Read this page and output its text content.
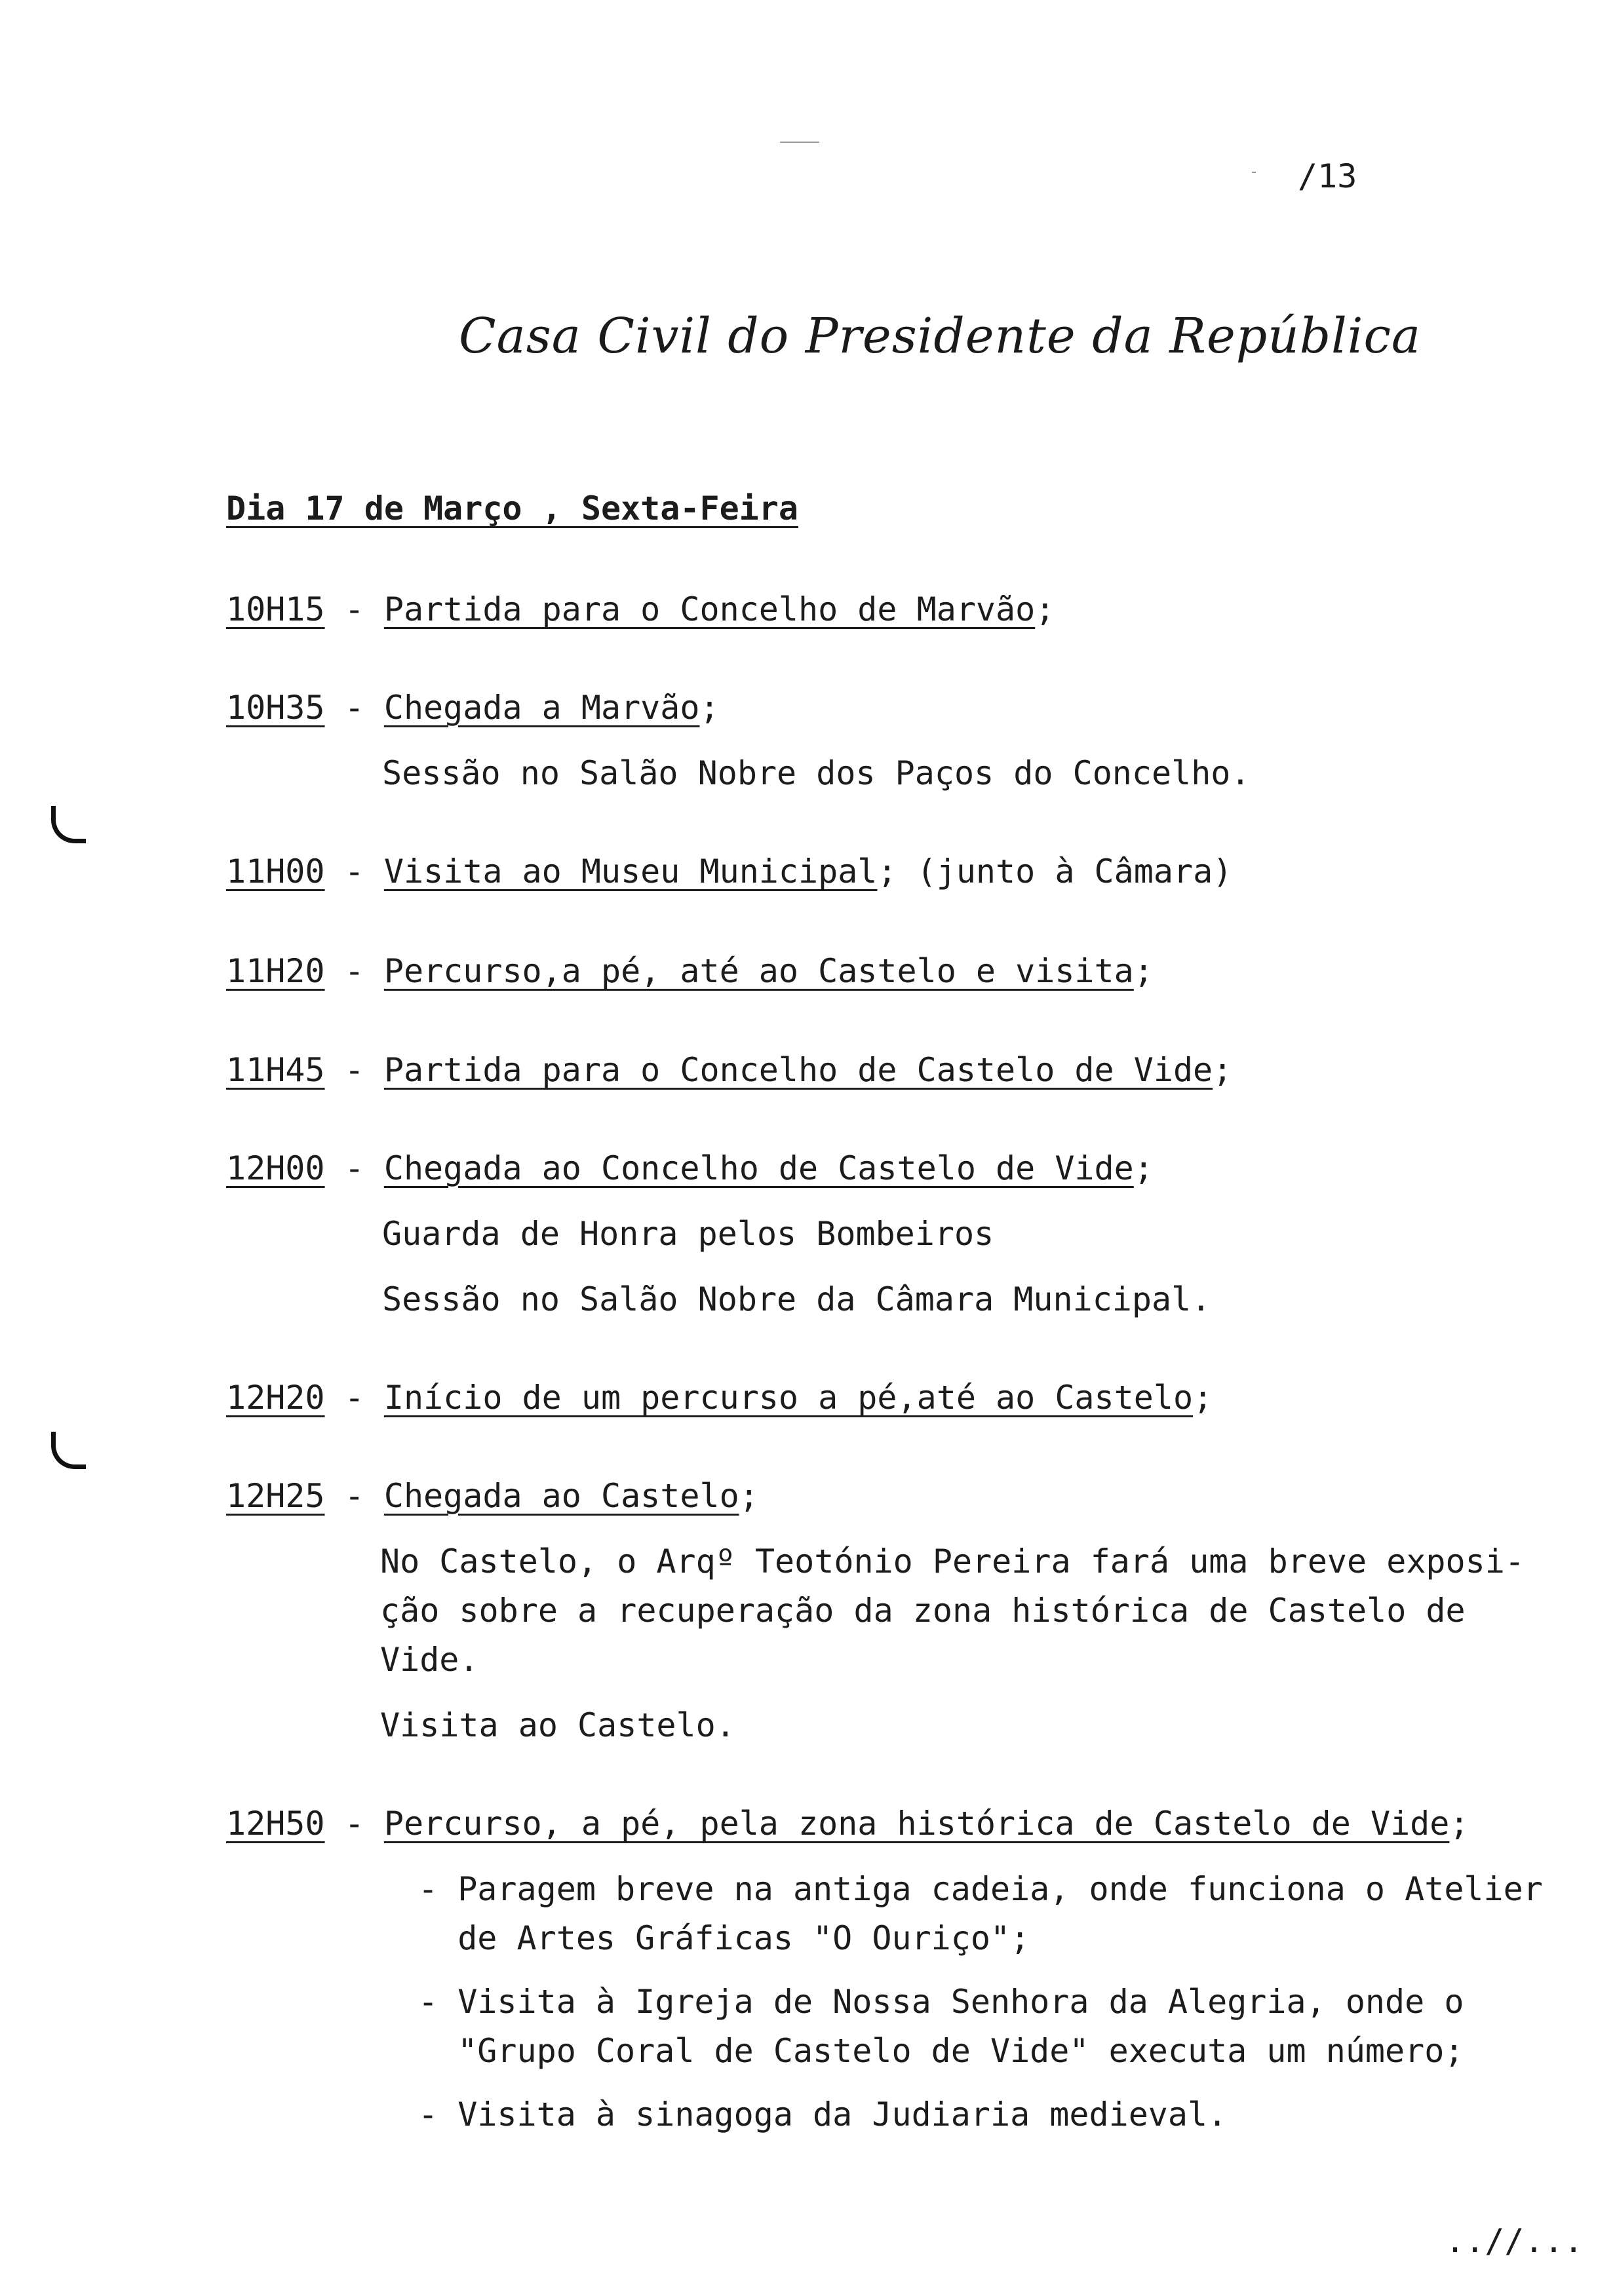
/13
Casa Civil do Presidente da República
Dia 17 de Março , Sexta-Feira
10H15 - Partida para o Concelho de Marvão;
10H35 - Chegada a Marvão;
Sessão no Salão Nobre dos Paços do Concelho.
11H00 - Visita ao Museu Municipal; (junto à Câmara)
11H20 - Percurso,a pé, até ao Castelo e visita;
11H45 - Partida para o Concelho de Castelo de Vide;
12H00 - Chegada ao Concelho de Castelo de Vide;
Guarda de Honra pelos Bombeiros
Sessão no Salão Nobre da Câmara Municipal.
12H20 - Início de um percurso a pé,até ao Castelo;
12H25 - Chegada ao Castelo;
No Castelo, o Arqº Teotónio Pereira fará uma breve exposi-
ção sobre a recuperação da zona histórica de Castelo de
Vide.
Visita ao Castelo.
12H50 - Percurso, a pé, pela zona histórica de Castelo de Vide;
- Paragem breve na antiga cadeia, onde funciona o Atelier
de Artes Gráficas "O Ouriço";
- Visita à Igreja de Nossa Senhora da Alegria, onde o
"Grupo Coral de Castelo de Vide" executa um número;
- Visita à sinagoga da Judiaria medieval.
..//...
